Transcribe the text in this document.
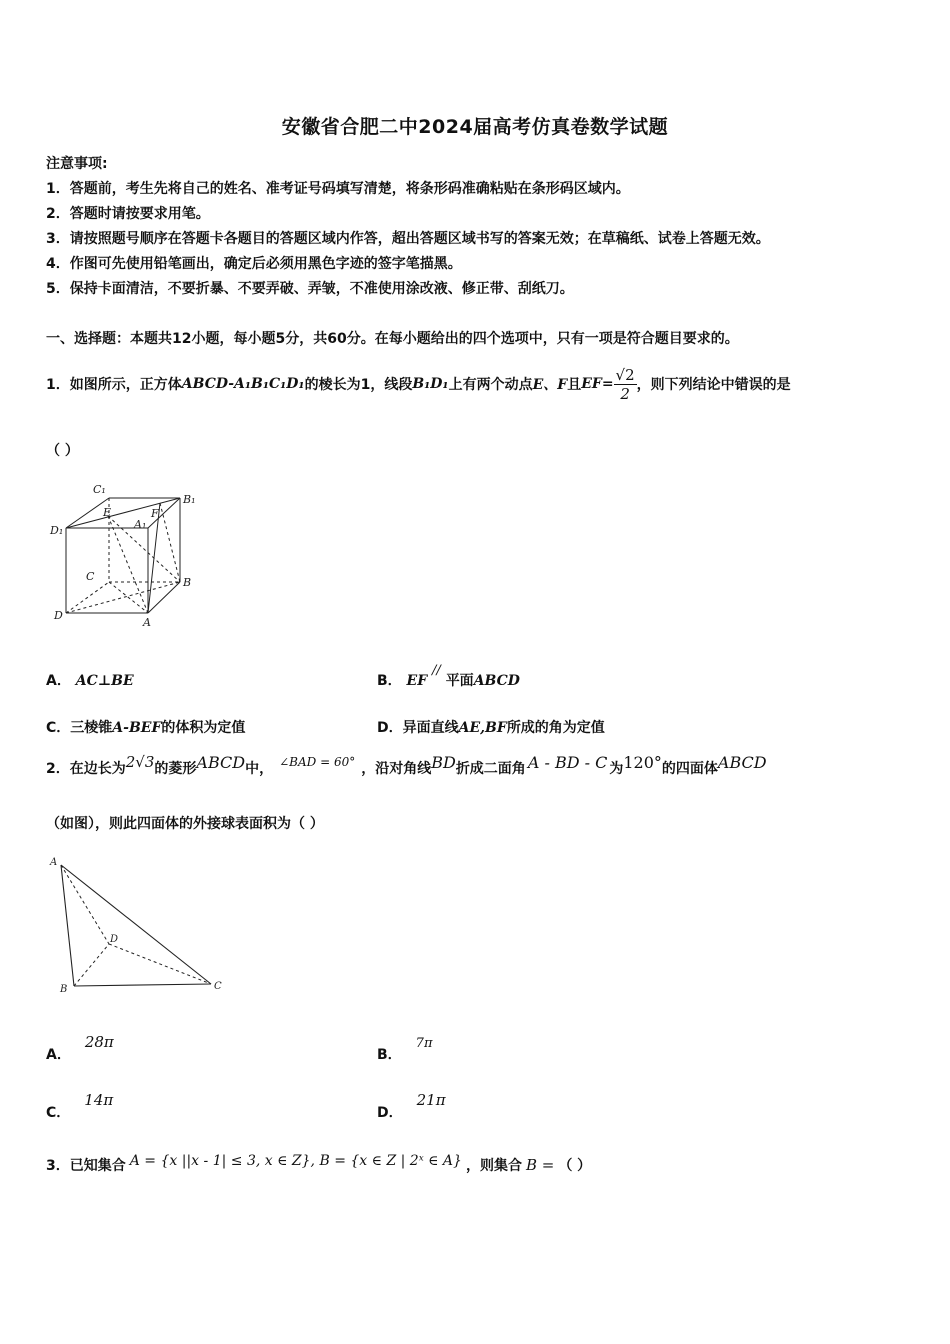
安徽省合肥二中2024届高考仿真卷数学试题
注意事项:
1．答题前，考生先将自己的姓名、准考证号码填写清楚，将条形码准确粘贴在条形码区域内。
2．答题时请按要求用笔。
3．请按照题号顺序在答题卡各题目的答题区域内作答，超出答题区域书写的答案无效；在草稿纸、试卷上答题无效。
4．作图可先使用铅笔画出，确定后必须用黑色字迹的签字笔描黑。
5．保持卡面清洁，不要折暴、不要弄破、弄皱，不准使用涂改液、修正带、刮纸刀。
一、选择题：本题共12小题，每小题5分，共60分。在每小题给出的四个选项中，只有一项是符合题目要求的。
1．如图所示，正方体 ABCD-A₁B₁C₁D₁ 的棱长为1，线段 B₁D₁ 上有两个动点 E、F 且 $EF= \frac{√2}{2}$ ，则下列结论中错误的是
（ ）
C₁
B₁
D₁
E	F
A₁
C	B
D
A
A． AC⊥BE	B． EF // 平面ABCD
C．三棱锥A-BEF的体积为定值	D．异面直线AE,BF所成的角为定值
2．在边长为 2√3 的菱形 ABCD 中， ∠BAD = 60° ，沿对角线 BD 折成二面角 A - BD - C 为 120° 的四面体 ABCD
（如图），则此四面体的外接球表面积为（ ）
A
D
B	C
A．28π
B．7π
C．14π
D．21π
3．已知集合 A = {x ||x - 1| ≤ 3, x ∈ Z}, B = {x ∈ Z | 2ˣ ∈ A} ，则集合 B = （ ）
